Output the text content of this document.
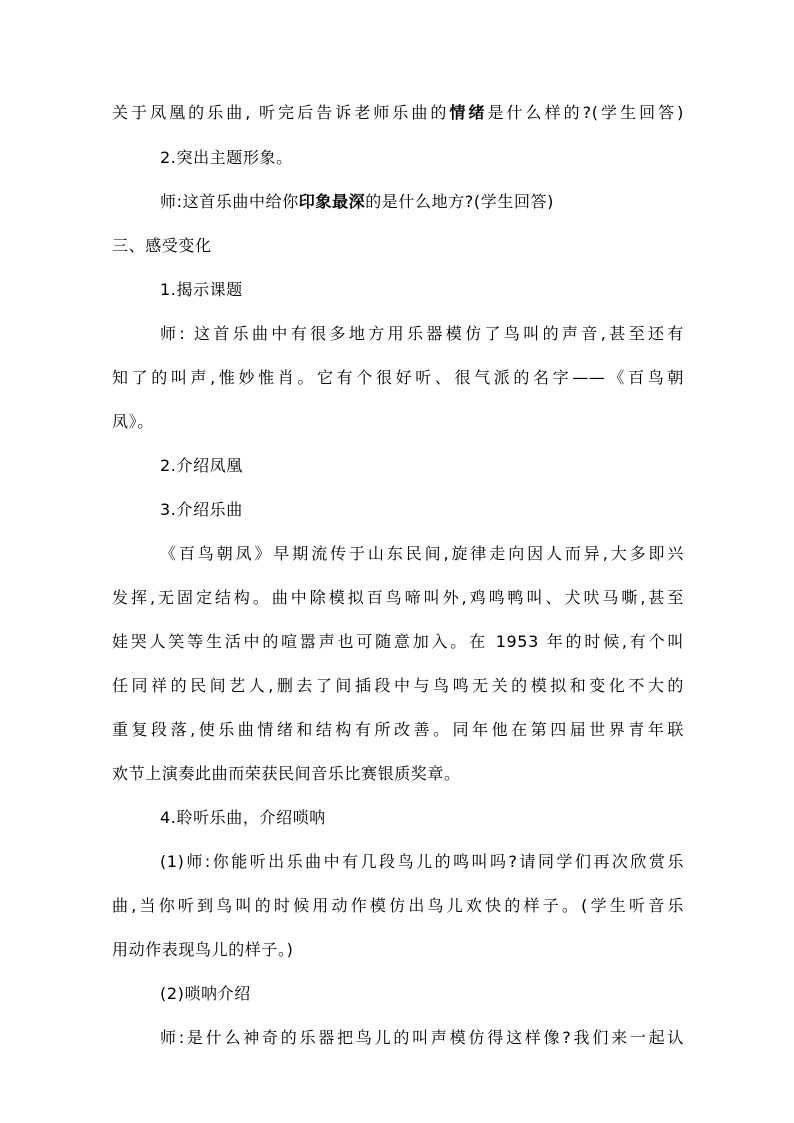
关于凤凰的乐曲, 听完后告诉老师乐曲的情绪是什么样的?(学生回答)
2.突出主题形象。
师:这首乐曲中给你印象最深的是什么地方?(学生回答)
三、感受变化
1.揭示课题
师: 这首乐曲中有很多地方用乐器模仿了鸟叫的声音,甚至还有
知了的叫声,惟妙惟肖。它有个很好听、很气派的名字——《百鸟朝
凤》。
2.介绍凤凰
3.介绍乐曲
《百鸟朝凤》早期流传于山东民间,旋律走向因人而异,大多即兴
发挥,无固定结构。曲中除模拟百鸟啼叫外,鸡鸣鸭叫、犬吠马嘶,甚至
娃哭人笑等生活中的喧嚣声也可随意加入。在 1953 年的时候,有个叫
任同祥的民间艺人,删去了间插段中与鸟鸣无关的模拟和变化不大的
重复段落,使乐曲情绪和结构有所改善。同年他在第四届世界青年联
欢节上演奏此曲而荣获民间音乐比赛银质奖章。
4.聆听乐曲，介绍唢呐
(1)师:你能听出乐曲中有几段鸟儿的鸣叫吗?请同学们再次欣赏乐
曲,当你听到鸟叫的时候用动作模仿出鸟儿欢快的样子。(学生听音乐
用动作表现鸟儿的样子。)
(2)唢呐介绍
师:是什么神奇的乐器把鸟儿的叫声模仿得这样像?我们来一起认
